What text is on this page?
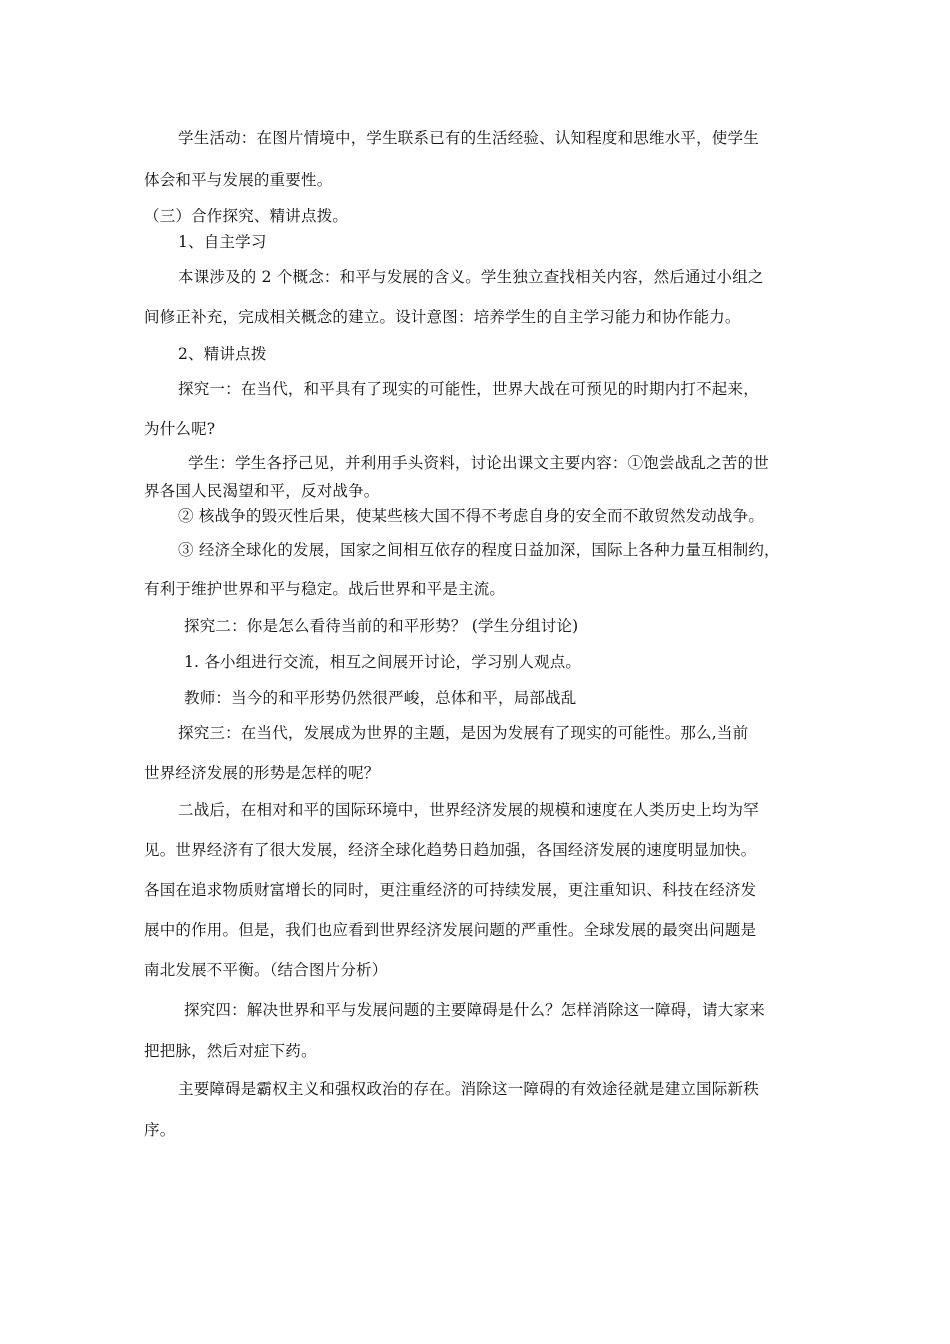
学生活动：在图片情境中，学生联系已有的生活经验、认知程度和思维水平，使学生
体会和平与发展的重要性。
（三）合作探究、精讲点拨。
1、自主学习
本课涉及的 2 个概念：和平与发展的含义。学生独立查找相关内容，然后通过小组之
间修正补充，完成相关概念的建立。设计意图：培养学生的自主学习能力和协作能力。
2、精讲点拨
探究一：在当代，和平具有了现实的可能性，世界大战在可预见的时期内打不起来，
为什么呢?
学生：学生各抒己见，并利用手头资料，讨论出课文主要内容：①饱尝战乱之苦的世
界各国人民渴望和平，反对战争。
② 核战争的毁灭性后果，使某些核大国不得不考虑自身的安全而不敢贸然发动战争。
③ 经济全球化的发展，国家之间相互依存的程度日益加深，国际上各种力量互相制约，
有利于维护世界和平与稳定。战后世界和平是主流。
探究二：你是怎么看待当前的和平形势？ (学生分组讨论)
1. 各小组进行交流，相互之间展开讨论，学习别人观点。
教师：当今的和平形势仍然很严峻，总体和平，局部战乱
探究三：在当代，发展成为世界的主题，是因为发展有了现实的可能性。那么,当前
世界经济发展的形势是怎样的呢？
二战后，在相对和平的国际环境中，世界经济发展的规模和速度在人类历史上均为罕
见。世界经济有了很大发展，经济全球化趋势日趋加强，各国经济发展的速度明显加快。
各国在追求物质财富增长的同时，更注重经济的可持续发展，更注重知识、科技在经济发
展中的作用。但是，我们也应看到世界经济发展问题的严重性。全球发展的最突出问题是
南北发展不平衡。（结合图片分析）
探究四：解决世界和平与发展问题的主要障碍是什么？怎样消除这一障碍，请大家来
把把脉，然后对症下药。
主要障碍是霸权主义和强权政治的存在。消除这一障碍的有效途径就是建立国际新秩
序。
